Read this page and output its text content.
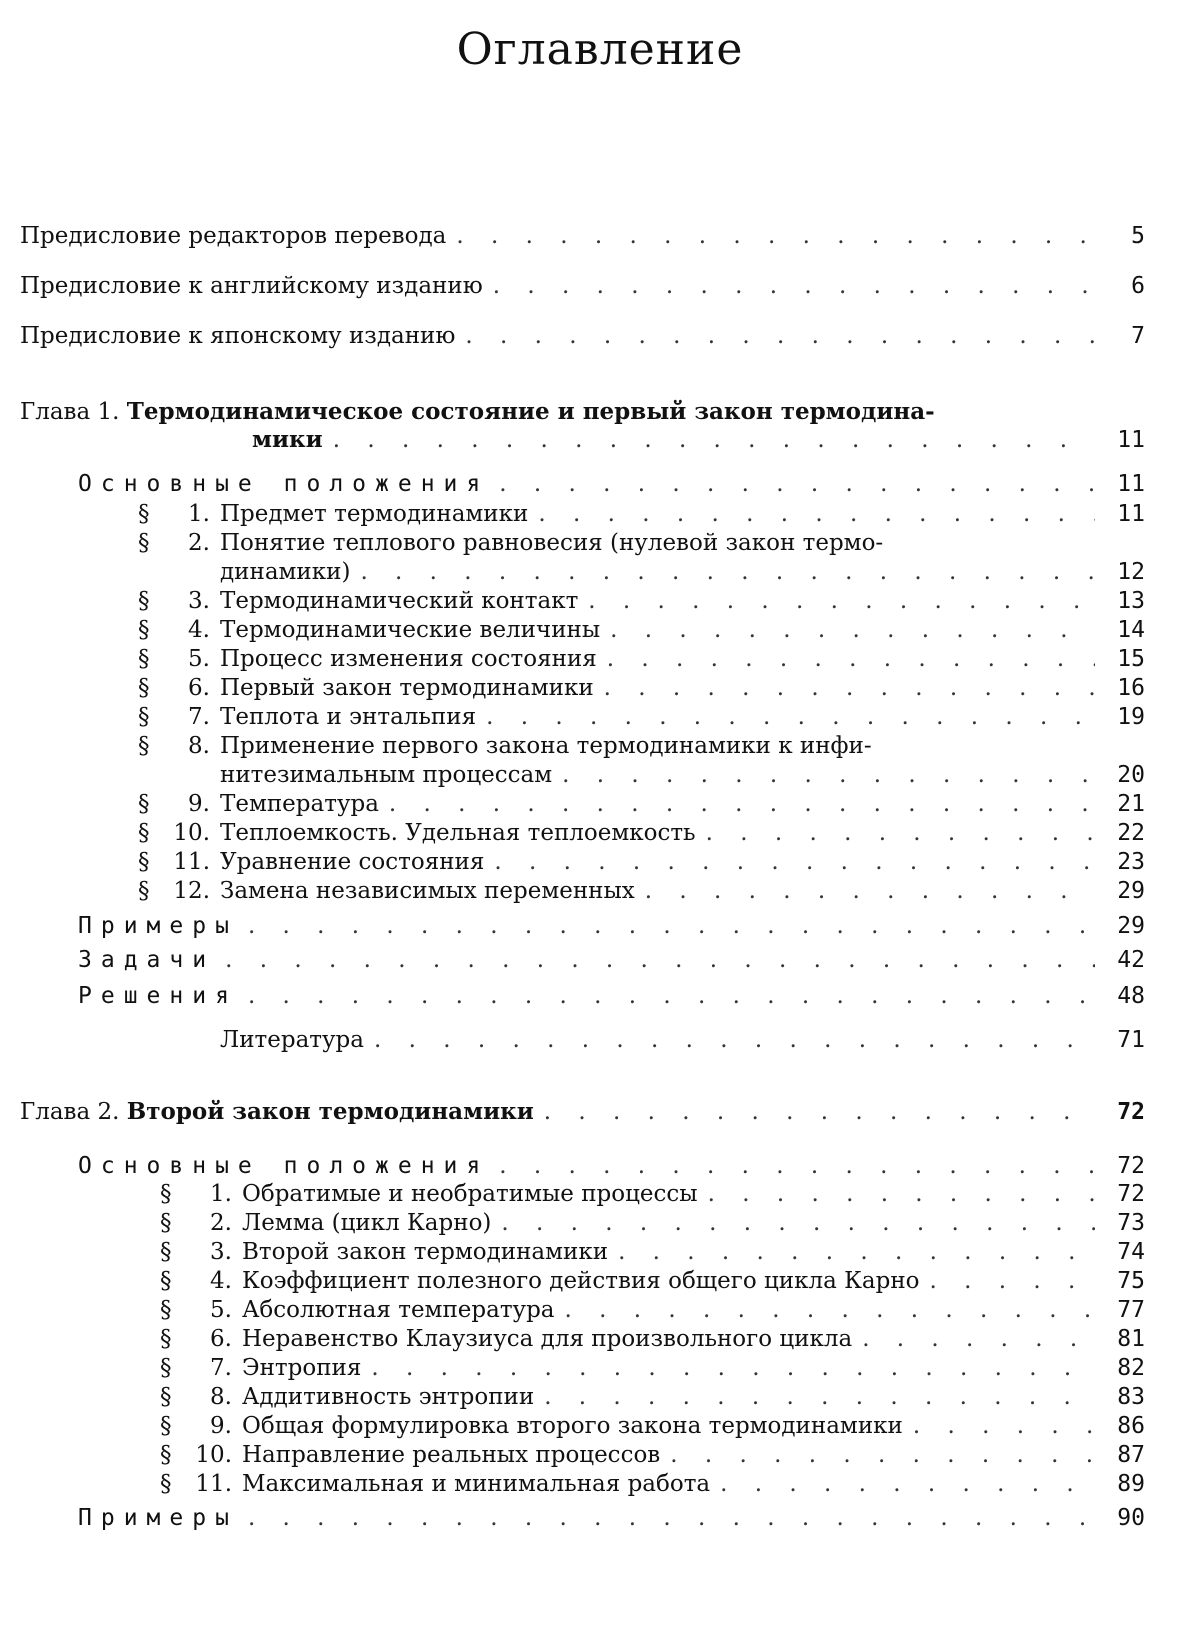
Оглавление
Предисловие редакторов перевода . . .	5
Предисловие к английскому изданию . . .	6
Предисловие к японскому изданию . . .	7
Глава 1. Термодинамическое состояние и первый закон термодина-
мики . . .	11
Основные положения . . .	11
§ 1. Предмет термодинамики . . .	11
§ 2. Понятие теплового равновесия (нулевой закон термо-
динамики) . . .	12
§ 3. Термодинамический контакт . . .	13
§ 4. Термодинамические величины . . .	14
§ 5. Процесс изменения состояния . . .	15
§ 6. Первый закон термодинамики . . .	16
§ 7. Теплота и энтальпия . . .	19
§ 8. Применение первого закона термодинамики к инфи-
нитезимальным процессам . . .	20
§ 9. Температура . . .	21
§ 10. Теплоемкость. Удельная теплоемкость . . .	22
§ 11. Уравнение состояния . . .	23
§ 12. Замена независимых переменных . . .	29
Примеры . . .	29
Задачи . . .	42
Решения . . .	48
Литература . . .	71
Глава 2. Второй закон термодинамики . . .	72
Основные положения . . .	72
§ 1. Обратимые и необратимые процессы . . .	72
§ 2. Лемма (цикл Карно) . . .	73
§ 3. Второй закон термодинамики . . .	74
§ 4. Коэффициент полезного действия общего цикла Карно . . .	75
§ 5. Абсолютная температура . . .	77
§ 6. Неравенство Клаузиуса для произвольного цикла . . .	81
§ 7. Энтропия . . .	82
§ 8. Аддитивность энтропии . . .	83
§ 9. Общая формулировка второго закона термодинамики . . .	86
§ 10. Направление реальных процессов . . .	87
§ 11. Максимальная и минимальная работа . . .	89
Примеры . . .	90
